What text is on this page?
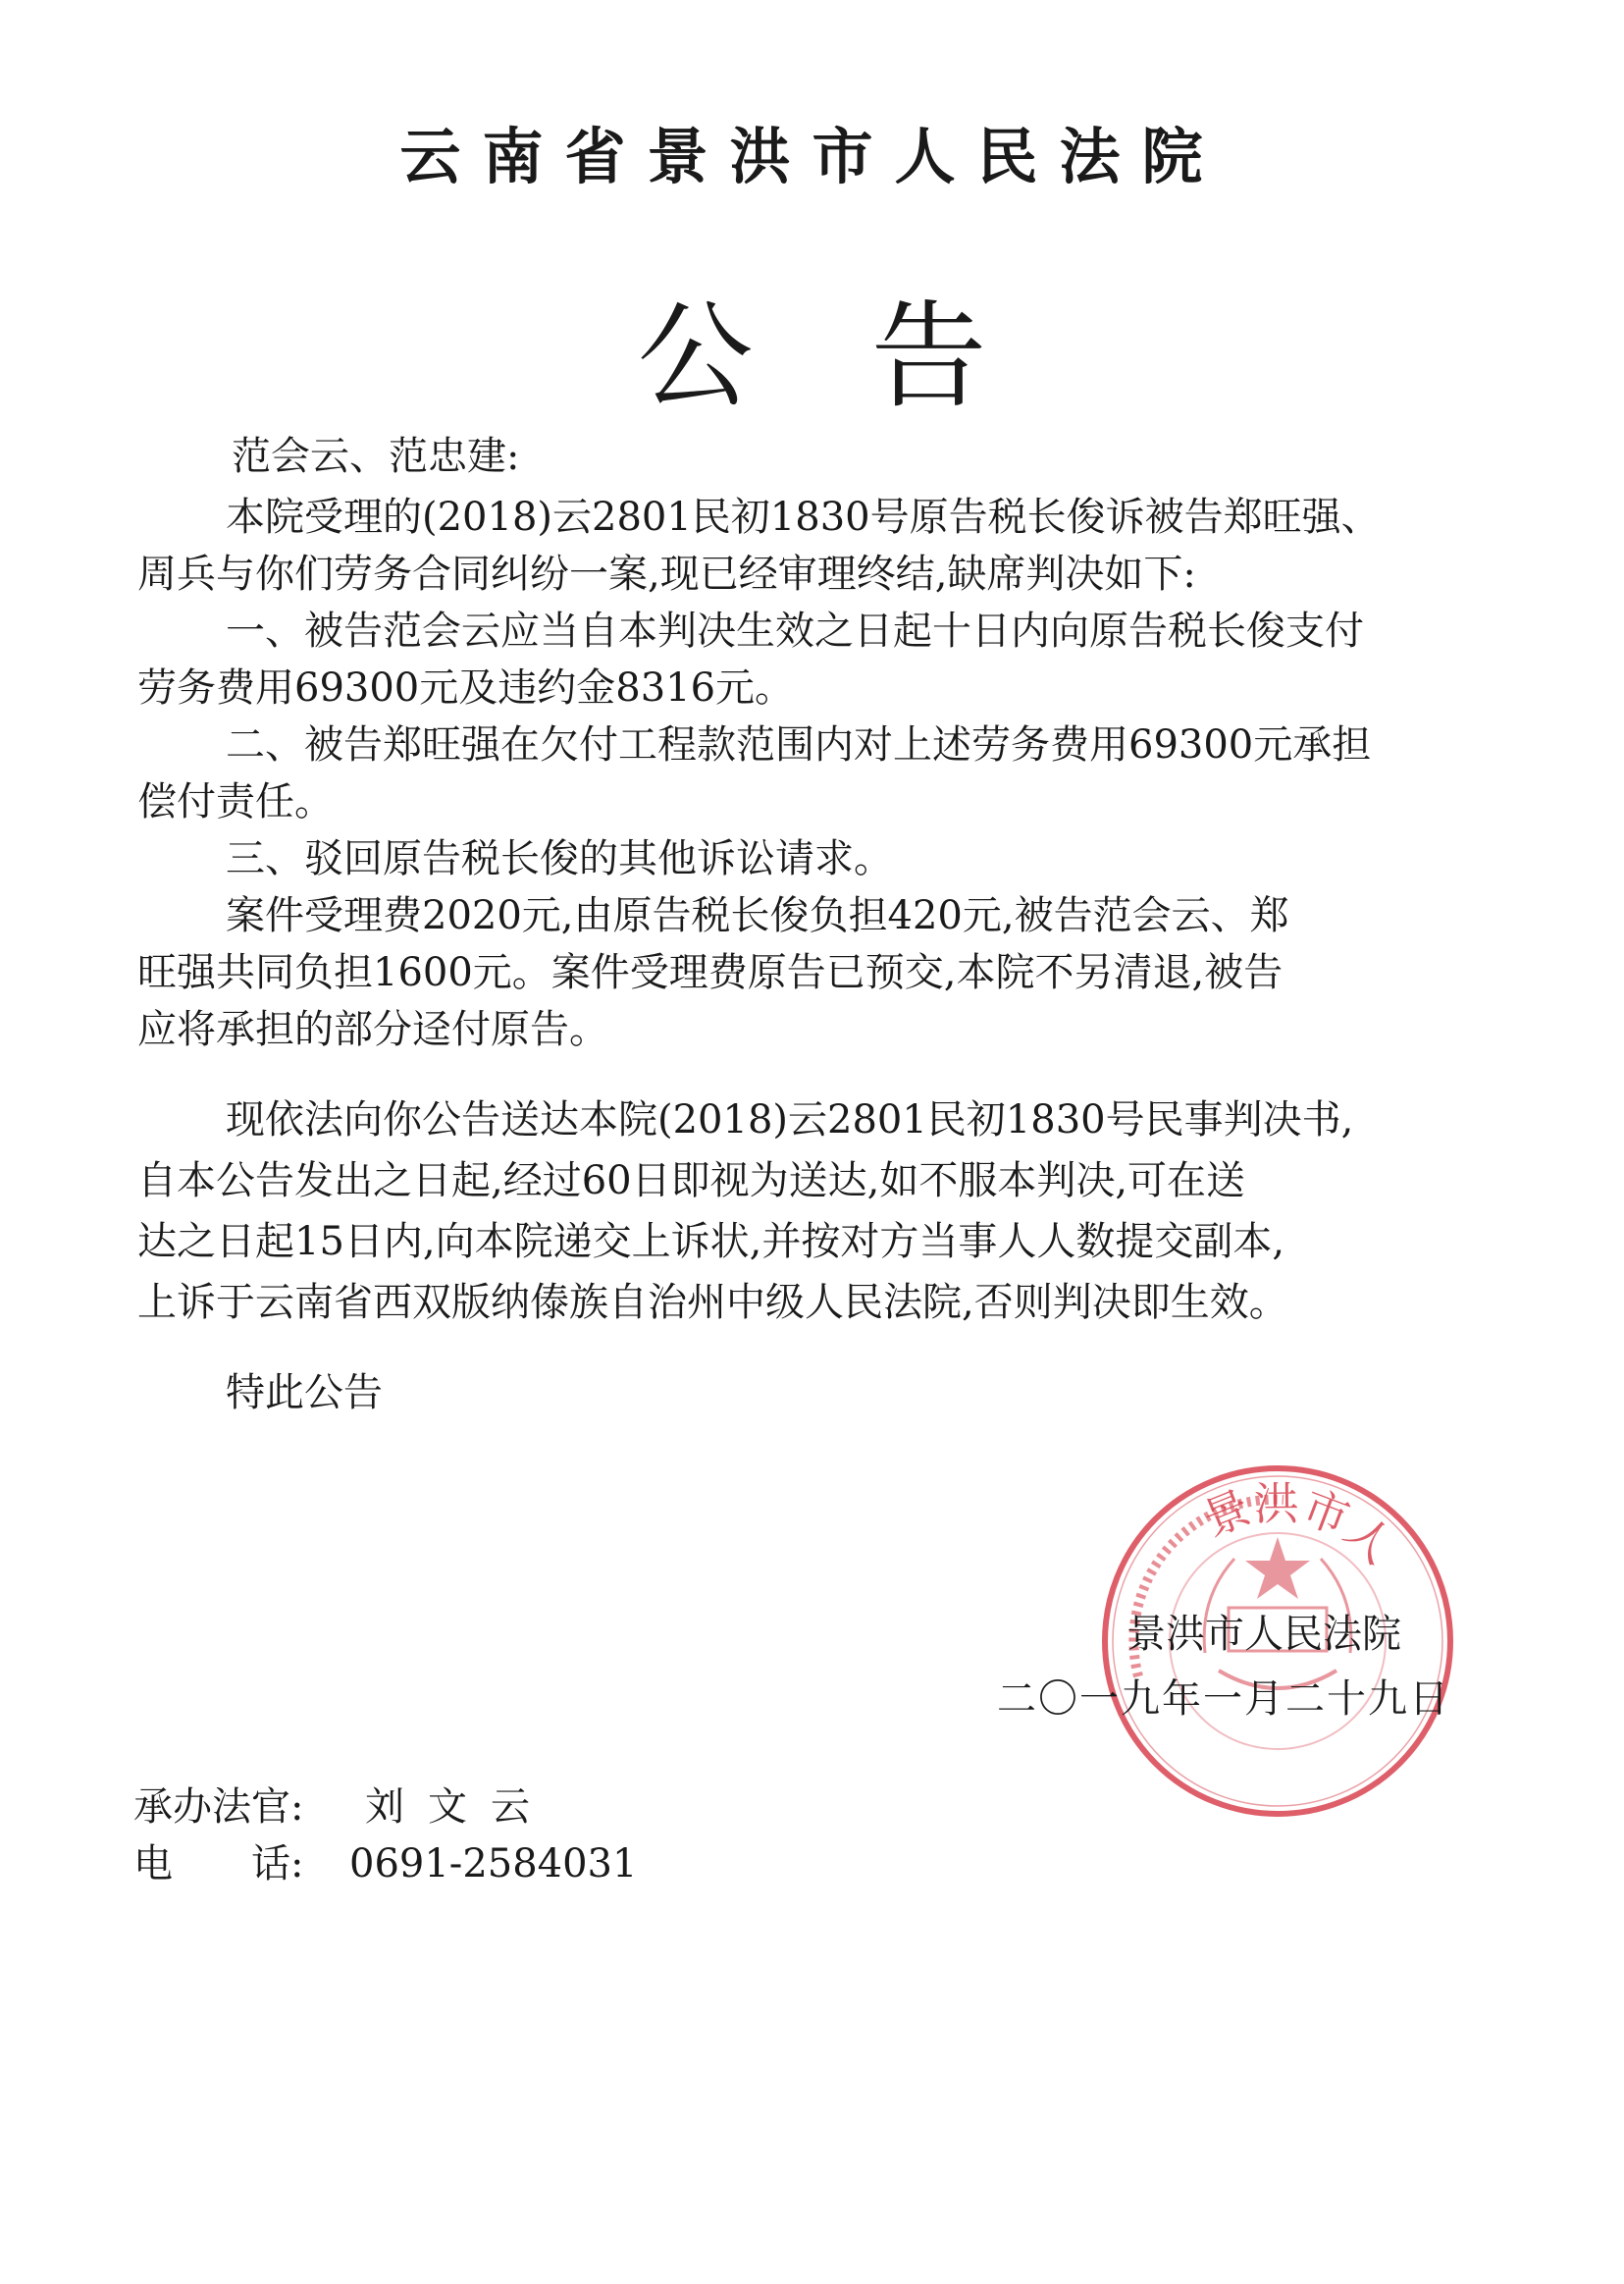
云南省景洪市人民法院
公告
范会云、范忠建:
本院受理的(2018)云2801民初1830号原告税长俊诉被告郑旺强、
周兵与你们劳务合同纠纷一案,现已经审理终结,缺席判决如下:
一、被告范会云应当自本判决生效之日起十日内向原告税长俊支付
劳务费用69300元及违约金8316元。
二、被告郑旺强在欠付工程款范围内对上述劳务费用69300元承担
偿付责任。
三、驳回原告税长俊的其他诉讼请求。
案件受理费2020元,由原告税长俊负担420元,被告范会云、郑
旺强共同负担1600元。案件受理费原告已预交,本院不另清退,被告
应将承担的部分迳付原告。
现依法向你公告送达本院(2018)云2801民初1830号民事判决书,
自本公告发出之日起,经过60日即视为送达,如不服本判决,可在送
达之日起15日内,向本院递交上诉状,并按对方当事人人数提交副本,
上诉于云南省西双版纳傣族自治州中级人民法院,否则判决即生效。
特此公告
景洪市人
景洪市人民法院
二〇一九年一月二十九日
承办法官: 刘文云
电　　话: 0691-2584031
